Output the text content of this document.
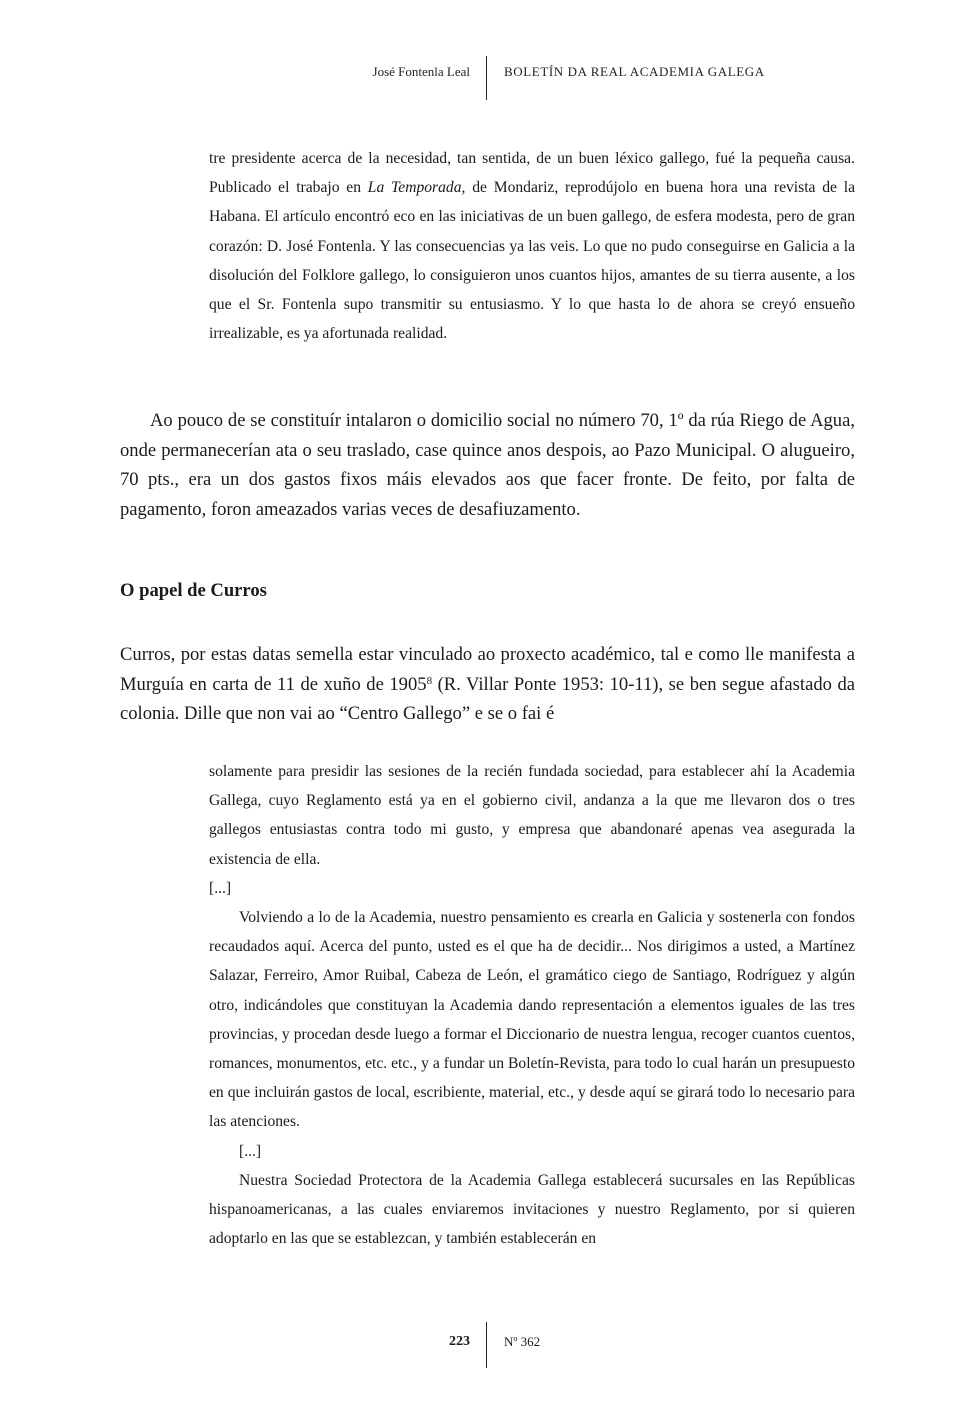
José Fontenla Leal	BOLETÍN DA REAL ACADEMIA GALEGA

tre presidente acerca de la necesidad, tan sentida, de un buen léxico gallego, fué la pequeña causa. Publicado el trabajo en La Temporada, de Mondariz, reprodújolo en buena hora una revista de la Habana. El artículo encontró eco en las iniciativas de un buen gallego, de esfera modesta, pero de gran corazón: D. José Fontenla. Y las consecuencias ya las veis. Lo que no pudo conseguirse en Galicia a la disolución del Folklore gallego, lo consiguieron unos cuantos hijos, amantes de su tierra ausente, a los que el Sr. Fontenla supo transmitir su entusiasmo. Y lo que hasta lo de ahora se creyó ensueño irrealizable, es ya afortunada realidad.

Ao pouco de se constituír intalaron o domicilio social no número 70, 1º da rúa Riego de Agua, onde permanecerían ata o seu traslado, case quince anos despois, ao Pazo Municipal. O alugueiro, 70 pts., era un dos gastos fixos máis elevados aos que facer fronte. De feito, por falta de pagamento, foron ameazados varias veces de desafiuzamento.

O papel de Curros

Curros, por estas datas semella estar vinculado ao proxecto académico, tal e como lle manifesta a Murguía en carta de 11 de xuño de 1905$^8$ (R. Villar Ponte 1953: 10-11), se ben segue afastado da colonia. Dille que non vai ao “Centro Gallego” e se o fai é

solamente para presidir las sesiones de la recién fundada sociedad, para establecer ahí la Academia Gallega, cuyo Reglamento está ya en el gobierno civil, andanza a la que me llevaron dos o tres gallegos entusiastas contra todo mi gusto, y empresa que abandonaré apenas vea asegurada la existencia de ella.

[...]

Volviendo a lo de la Academia, nuestro pensamiento es crearla en Galicia y sostenerla con fondos recaudados aquí. Acerca del punto, usted es el que ha de decidir... Nos dirigimos a usted, a Martínez Salazar, Ferreiro, Amor Ruibal, Cabeza de León, el gramático ciego de Santiago, Rodríguez y algún otro, indicándoles que constituyan la Academia dando representación a elementos iguales de las tres provincias, y procedan desde luego a formar el Diccionario de nuestra lengua, recoger cuantos cuentos, romances, monumentos, etc. etc., y a fundar un Boletín-Revista, para todo lo cual harán un presupuesto en que incluirán gastos de local, escribiente, material, etc., y desde aquí se girará todo lo necesario para las atenciones.

[...]

Nuestra Sociedad Protectora de la Academia Gallega establecerá sucursales en las Repúblicas hispanoamericanas, a las cuales enviaremos invitaciones y nuestro Reglamento, por si quieren adoptarlo en las que se establezcan, y también establecerán en

223	Nº 362
